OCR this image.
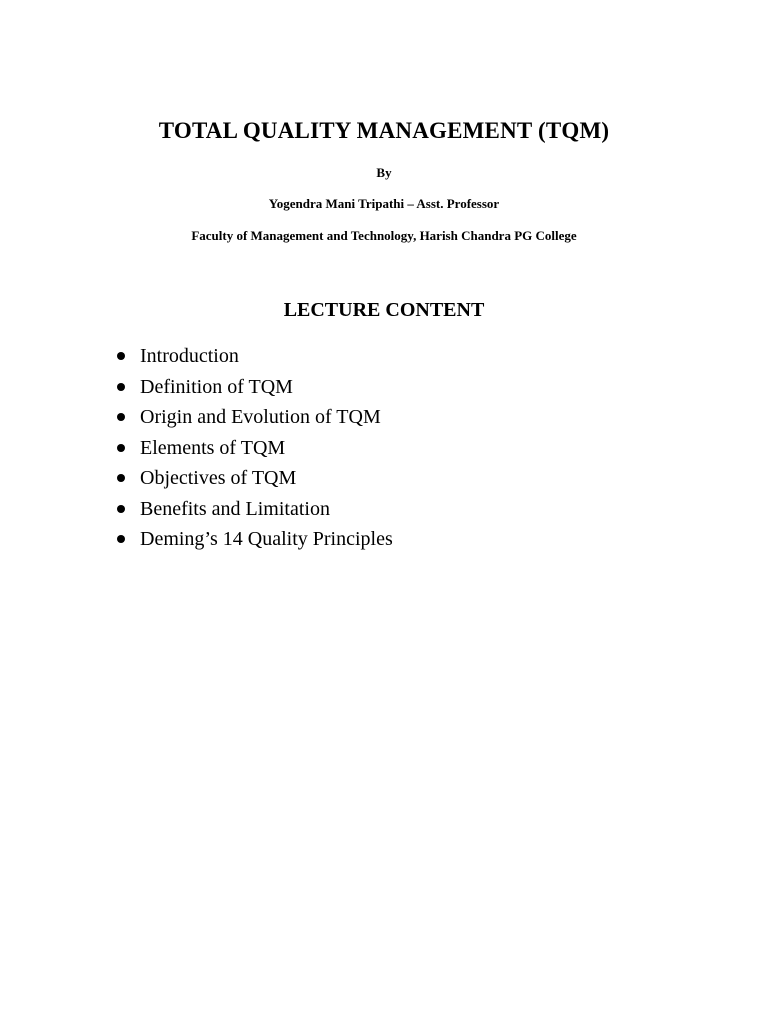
TOTAL QUALITY MANAGEMENT (TQM)

By

Yogendra Mani Tripathi – Asst. Professor

Faculty of Management and Technology, Harish Chandra PG College

LECTURE CONTENT
Introduction
Definition of TQM
Origin and Evolution of TQM
Elements of TQM
Objectives of TQM
Benefits and Limitation
Deming’s 14 Quality Principles
